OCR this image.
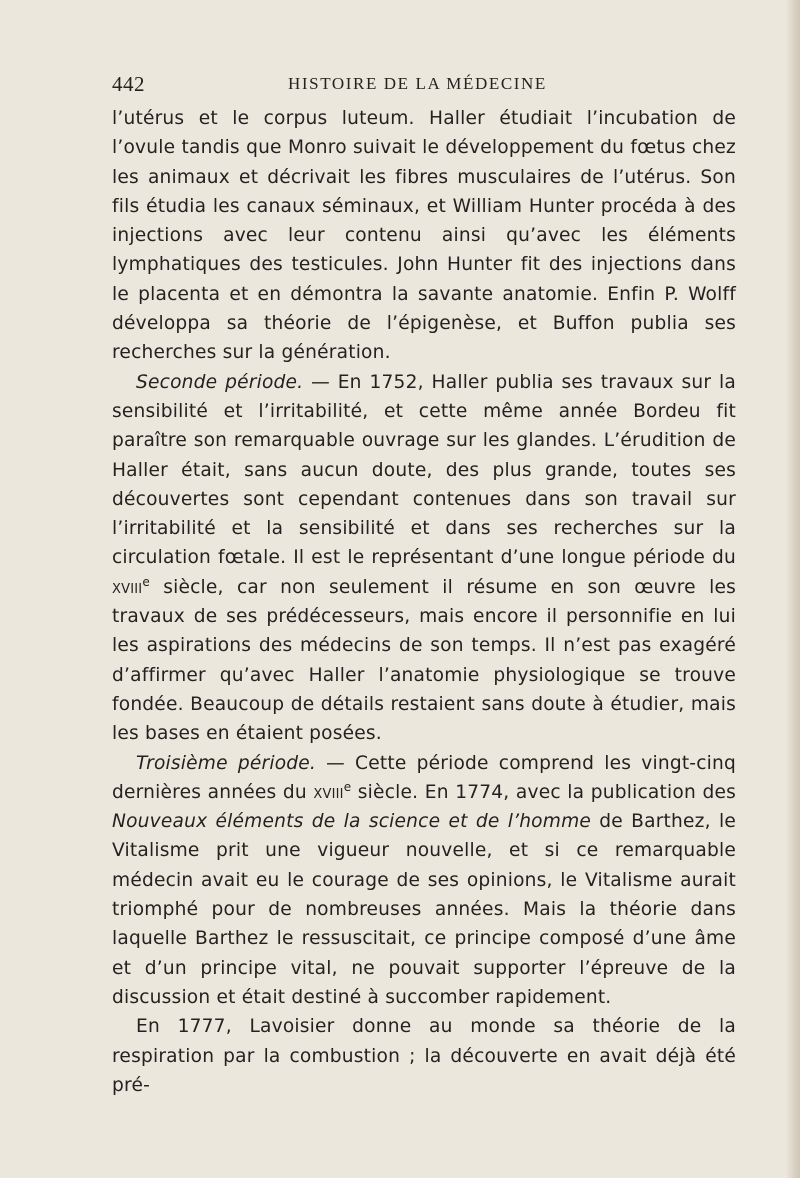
442	HISTOIRE DE LA MÉDECINE

l’utérus et le corpus luteum. Haller étudiait l’incubation de l’ovule tandis que Monro suivait le développement du fœtus chez les animaux et décrivait les fibres musculaires de l’utérus. Son fils étudia les canaux séminaux, et William Hunter procéda à des injections avec leur contenu ainsi qu’avec les éléments lymphatiques des testicules. John Hunter fit des injections dans le placenta et en démontra la savante anatomie. Enfin P. Wolff développa sa théorie de l’épigenèse, et Buffon publia ses recherches sur la génération.

Seconde période. — En 1752, Haller publia ses travaux sur la sensibilité et l’irritabilité, et cette même année Bordeu fit paraître son remarquable ouvrage sur les glandes. L’érudition de Haller était, sans aucun doute, des plus grande, toutes ses découvertes sont cependant contenues dans son travail sur l’irritabilité et la sensibilité et dans ses recherches sur la circulation fœtale. Il est le représentant d’une longue période du xviii$^e$ siècle, car non seulement il résume en son œuvre les travaux de ses prédécesseurs, mais encore il personnifie en lui les aspirations des médecins de son temps. Il n’est pas exagéré d’affirmer qu’avec Haller l’anatomie physiologique se trouve fondée. Beaucoup de détails restaient sans doute à étudier, mais les bases en étaient posées.

Troisième période. — Cette période comprend les vingt-cinq dernières années du xviii$^e$ siècle. En 1774, avec la publication des Nouveaux éléments de la science et de l’homme de Barthez, le Vitalisme prit une vigueur nouvelle, et si ce remarquable médecin avait eu le courage de ses opinions, le Vitalisme aurait triomphé pour de nombreuses années. Mais la théorie dans laquelle Barthez le ressuscitait, ce principe composé d’une âme et d’un principe vital, ne pouvait supporter l’épreuve de la discussion et était destiné à succomber rapidement.

En 1777, Lavoisier donne au monde sa théorie de la respiration par la combustion ; la découverte en avait déjà été pré-
